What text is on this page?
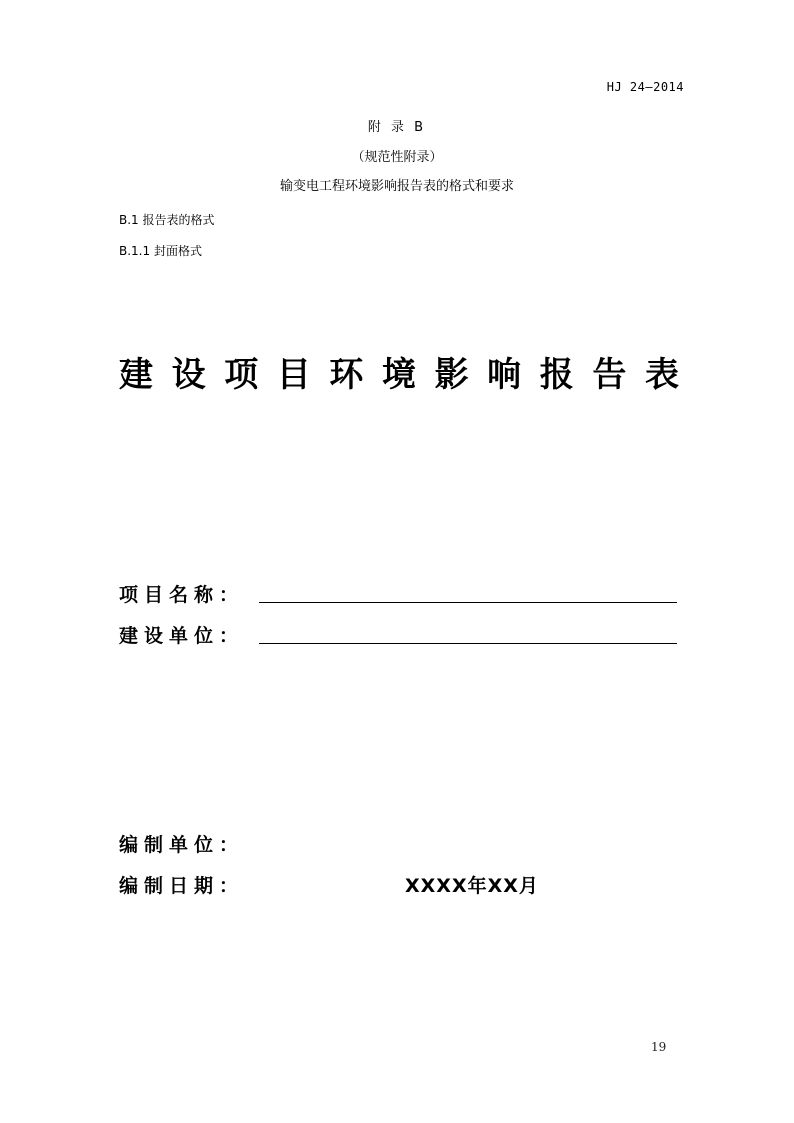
HJ 24—2014
附 录 B
（规范性附录）
输变电工程环境影响报告表的格式和要求
B.1 报告表的格式
B.1.1 封面格式
建 设 项 目 环 境 影 响 报 告 表
项目名称：
建设单位：
编制单位：
编制日期：	XXXX年XX月
19
